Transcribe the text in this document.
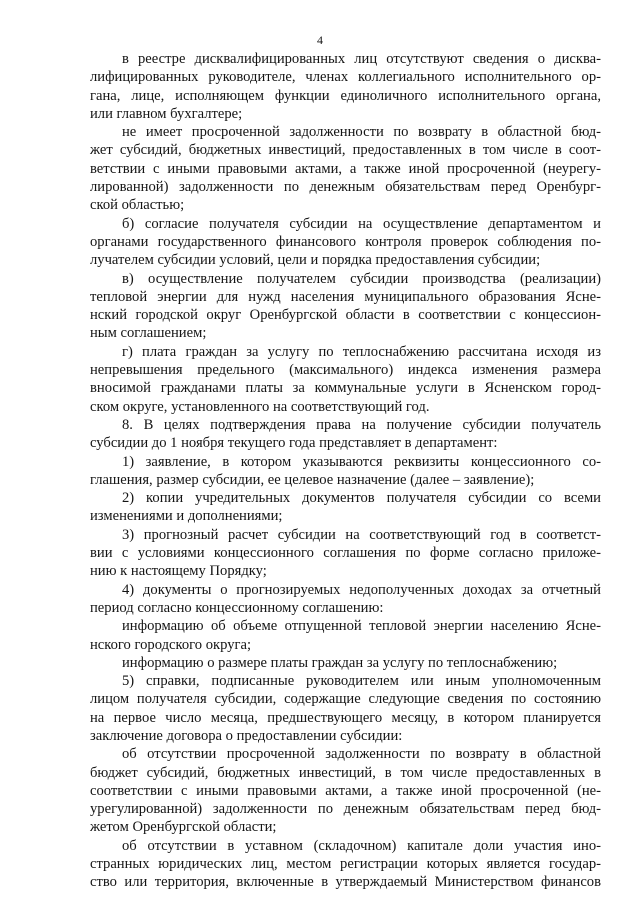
4
в реестре дисквалифицированных лиц отсутствуют сведения о дисква-
лифицированных руководителе, членах коллегиального исполнительного ор-
гана, лице, исполняющем функции единоличного исполнительного органа,
или главном бухгалтере;
не имеет просроченной задолженности по возврату в областной бюд-
жет субсидий, бюджетных инвестиций, предоставленных в том числе в соот-
ветствии с иными правовыми актами, а также иной просроченной (неурегу-
лированной) задолженности по денежным обязательствам перед Оренбург-
ской областью;
б) согласие получателя субсидии на осуществление департаментом и
органами государственного финансового контроля проверок соблюдения по-
лучателем субсидии условий, цели и порядка предоставления субсидии;
в) осуществление получателем субсидии производства (реализации)
тепловой энергии для нужд населения муниципального образования Ясне-
нский городской округ Оренбургской области в соответствии с концессион-
ным соглашением;
г) плата граждан за услугу по теплоснабжению рассчитана исходя из
непревышения предельного (максимального) индекса изменения размера
вносимой гражданами платы за коммунальные услуги в Ясненском город-
ском округе, установленного на соответствующий год.
8. В целях подтверждения права на получение субсидии получатель
субсидии до 1 ноября текущего года представляет в департамент:
1) заявление, в котором указываются реквизиты концессионного со-
глашения, размер субсидии, ее целевое назначение (далее – заявление);
2) копии учредительных документов получателя субсидии со всеми
изменениями и дополнениями;
3) прогнозный расчет субсидии на соответствующий год в соответст-
вии с условиями концессионного соглашения по форме согласно приложе-
нию к настоящему Порядку;
4) документы о прогнозируемых недополученных доходах за отчетный
период согласно концессионному соглашению:
информацию об объеме отпущенной тепловой энергии населению Ясне-
нского городского округа;
информацию о размере платы граждан за услугу по теплоснабжению;
5) справки, подписанные руководителем или иным уполномоченным
лицом получателя субсидии, содержащие следующие сведения по состоянию
на первое число месяца, предшествующего месяцу, в котором планируется
заключение договора о предоставлении субсидии:
об отсутствии просроченной задолженности по возврату в областной
бюджет субсидий, бюджетных инвестиций, в том числе предоставленных в
соответствии с иными правовыми актами, а также иной просроченной (не-
урегулированной) задолженности по денежным обязательствам перед бюд-
жетом Оренбургской области;
об отсутствии в уставном (складочном) капитале доли участия ино-
странных юридических лиц, местом регистрации которых является государ-
ство или территория, включенные в утверждаемый Министерством финансов
